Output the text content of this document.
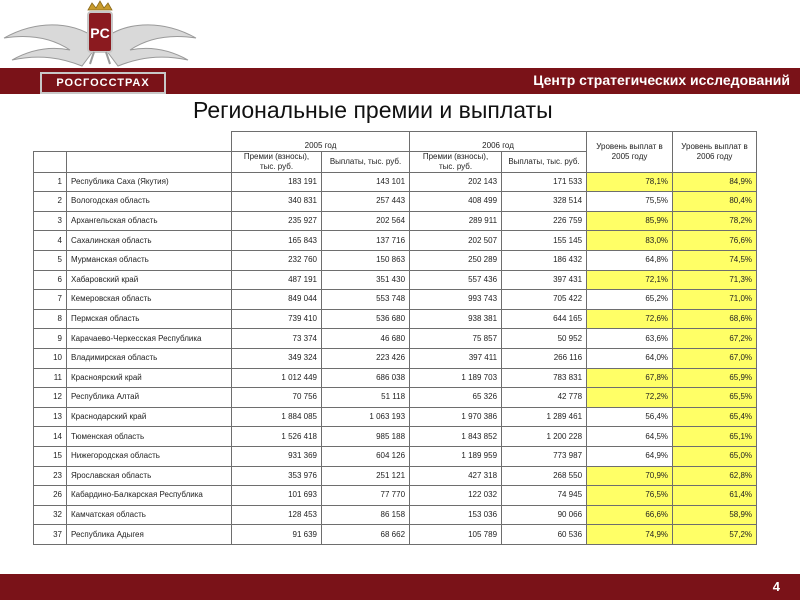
Центр стратегических исследований
PC
РОСГОССТРАХ
Региональные премии и выплаты
		2005 год		2006 год		Уровень выплат в 2005 году	Уровень выплат в 2006 году
		Премии (взносы), тыс. руб.	Выплаты, тыс. руб.	Премии (взносы), тыс. руб.	Выплаты, тыс. руб.		
1	Республика Саха (Якутия)	183 191	143 101	202 143	171 533	78,1%	84,9%
2	Вологодская область	340 831	257 443	408 499	328 514	75,5%	80,4%
3	Архангельская область	235 927	202 564	289 911	226 759	85,9%	78,2%
4	Сахалинская область	165 843	137 716	202 507	155 145	83,0%	76,6%
5	Мурманская область	232 760	150 863	250 289	186 432	64,8%	74,5%
6	Хабаровский край	487 191	351 430	557 436	397 431	72,1%	71,3%
7	Кемеровская область	849 044	553 748	993 743	705 422	65,2%	71,0%
8	Пермская область	739 410	536 680	938 381	644 165	72,6%	68,6%
9	Карачаево-Черкесская Республика	73 374	46 680	75 857	50 952	63,6%	67,2%
10	Владимирская область	349 324	223 426	397 411	266 116	64,0%	67,0%
11	Красноярский край	1 012 449	686 038	1 189 703	783 831	67,8%	65,9%
12	Республика Алтай	70 756	51 118	65 326	42 778	72,2%	65,5%
13	Краснодарский край	1 884 085	1 063 193	1 970 386	1 289 461	56,4%	65,4%
14	Тюменская область	1 526 418	985 188	1 843 852	1 200 228	64,5%	65,1%
15	Нижегородская область	931 369	604 126	1 189 959	773 987	64,9%	65,0%
23	Ярославская область	353 976	251 121	427 318	268 550	70,9%	62,8%
26	Кабардино-Балкарская Республика	101 693	77 770	122 032	74 945	76,5%	61,4%
32	Камчатская область	128 453	86 158	153 036	90 066	66,6%	58,9%
37	Республика Адыгея	91 639	68 662	105 789	60 536	74,9%	57,2%
4
